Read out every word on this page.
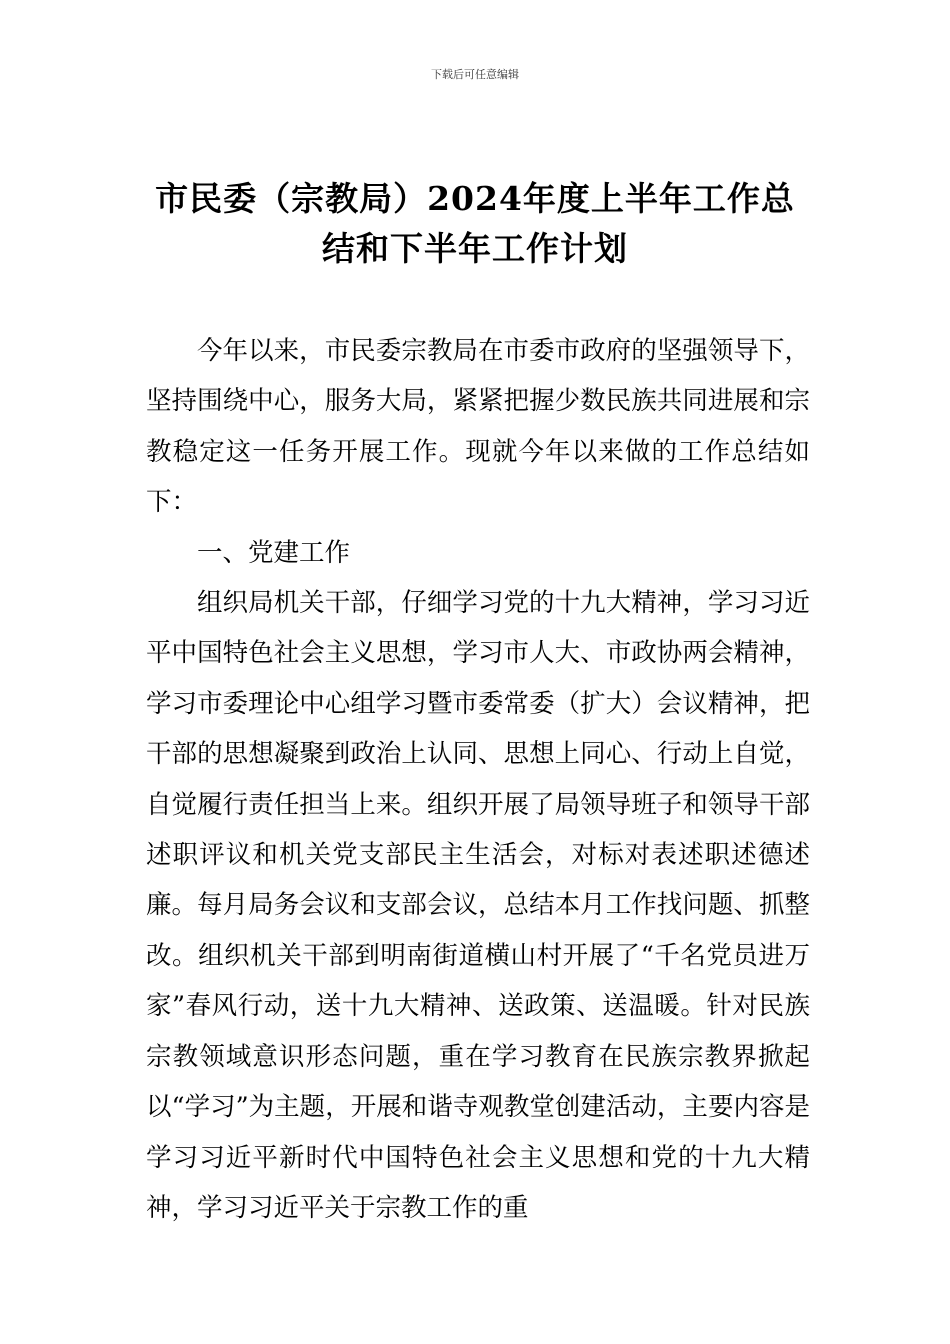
下载后可任意编辑
市民委（宗教局）2024年度上半年工作总结和下半年工作计划

今年以来，市民委宗教局在市委市政府的坚强领导下，坚持围绕中心，服务大局，紧紧把握少数民族共同进展和宗教稳定这一任务开展工作。现就今年以来做的工作总结如下：

一、党建工作

组织局机关干部，仔细学习党的十九大精神，学习习近平中国特色社会主义思想，学习市人大、市政协两会精神，学习市委理论中心组学习暨市委常委（扩大）会议精神，把干部的思想凝聚到政治上认同、思想上同心、行动上自觉，自觉履行责任担当上来。组织开展了局领导班子和领导干部述职评议和机关党支部民主生活会，对标对表述职述德述廉。每月局务会议和支部会议，总结本月工作找问题、抓整改。组织机关干部到明南街道横山村开展了“千名党员进万家”春风行动，送十九大精神、送政策、送温暖。针对民族宗教领域意识形态问题，重在学习教育在民族宗教界掀起以“学习”为主题，开展和谐寺观教堂创建活动，主要内容是学习习近平新时代中国特色社会主义思想和党的十九大精神，学习习近平关于宗教工作的重
